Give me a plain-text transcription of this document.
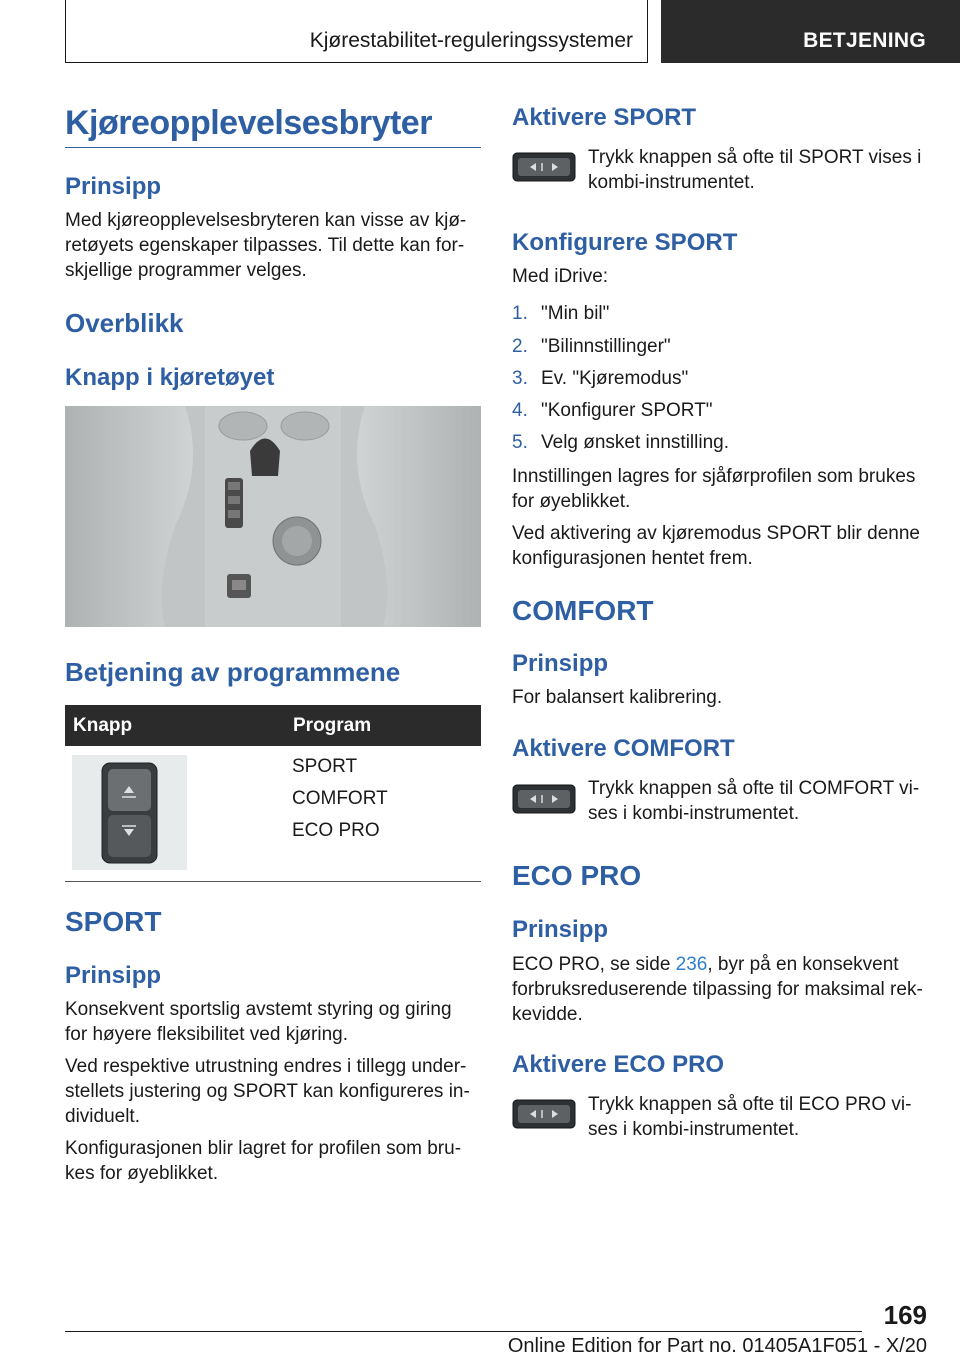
Kjørestabilitet-reguleringssystemer	BETJENING
Kjøreopplevelsesbryter
Prinsipp

Med kjøreopplevelsesbryteren kan visse av kjø-

retøyets egenskaper tilpasses. Til dette kan for-

skjellige programmer velges.

Overblikk
Knapp i kjøretøyet
Betjening av programmene
Knapp	Program
SPORT
COMFORT
ECO PRO
SPORT
Prinsipp

Konsekvent sportslig avstemt styring og giring

for høyere fleksibilitet ved kjøring.

Ved respektive utrustning endres i tillegg under-

stellets justering og SPORT kan konfigureres in-

dividuelt.

Konfigurasjonen blir lagret for profilen som bru-

kes for øyeblikket.

Aktivere SPORT

Trykk knappen så ofte til SPORT vises i

kombi-instrumentet.

Konfigurere SPORT

Med iDrive:

1. "Min bil"
2. "Bilinnstillinger"
3. Ev. "Kjøremodus"
4. "Konfigurer SPORT"
5. Velg ønsket innstilling.

Innstillingen lagres for sjåførprofilen som brukes

for øyeblikket.

Ved aktivering av kjøremodus SPORT blir denne

konfigurasjonen hentet frem.

COMFORT
Prinsipp

For balansert kalibrering.

Aktivere COMFORT

Trykk knappen så ofte til COMFORT vi-

ses i kombi-instrumentet.

ECO PRO
Prinsipp

ECO PRO, se side 236, byr på en konsekvent

forbruksreduserende tilpassing for maksimal rek-

kevidde.

Aktivere ECO PRO

Trykk knappen så ofte til ECO PRO vi-

ses i kombi-instrumentet.

169
Online Edition for Part no. 01405A1F051 - X/20
